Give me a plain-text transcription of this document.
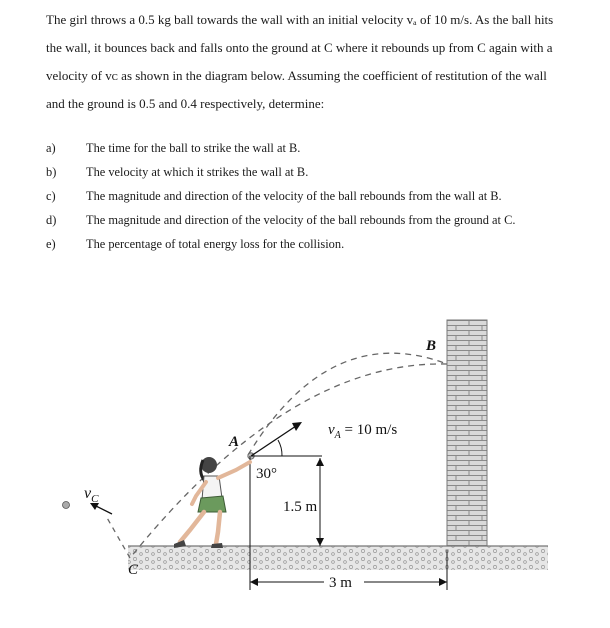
The girl throws a 0.5 kg ball towards the wall with an initial velocity ᴠₐ of 10 m/s. As the ball hits
the wall, it bounces back and falls onto the ground at C where it rebounds up from C again with a
velocity of ᴠᴄ as shown in the diagram below. Assuming the coefficient of restitution of the wall
and the ground is 0.5 and 0.4 respectively, determine:
a) The time for the ball to strike the wall at B.
b) The velocity at which it strikes the wall at B.
c) The magnitude and direction of the velocity of the ball rebounds from the wall at B.
d) The magnitude and direction of the velocity of the ball rebounds from the ground at C.
e) The percentage of total energy loss for the collision.
B
A
C
$v_C$
$v_A = 10$ m/s
30°
1.5 m
3 m
